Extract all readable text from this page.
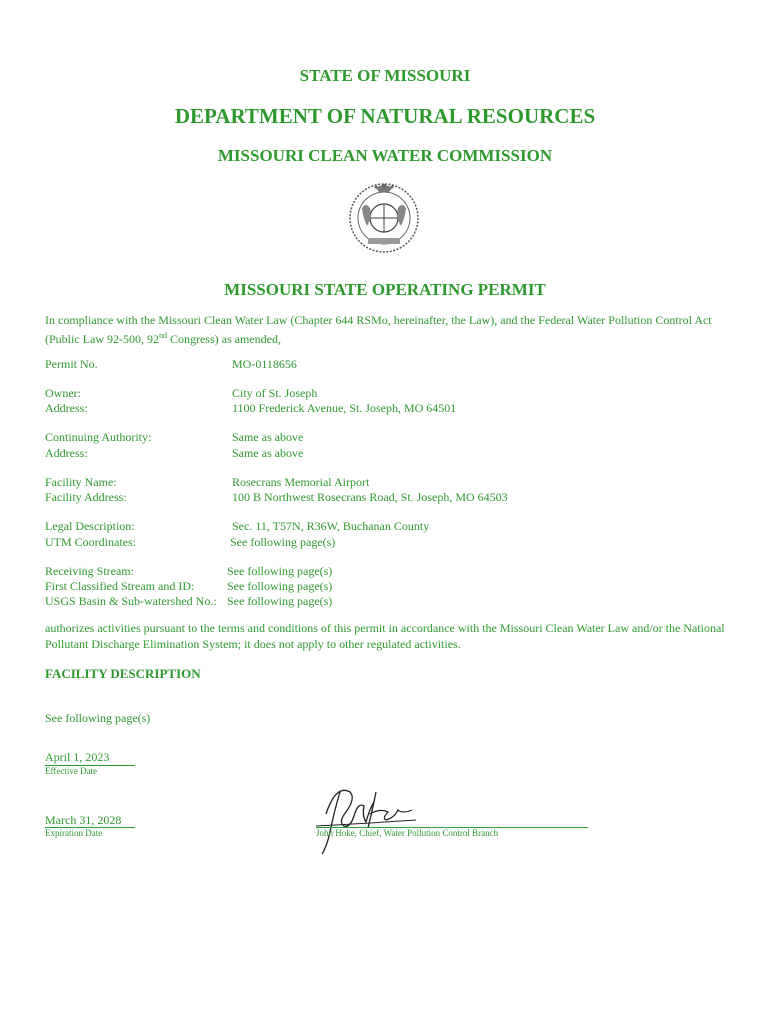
STATE OF MISSOURI
DEPARTMENT OF NATURAL RESOURCES
MISSOURI CLEAN WATER COMMISSION
MISSOURI STATE OPERATING PERMIT
In compliance with the Missouri Clean Water Law (Chapter 644 RSMo, hereinafter, the Law), and the Federal Water Pollution Control Act (Public Law 92-500, 92nd Congress) as amended,
Permit No.	MO-0118656
Owner:	City of St. Joseph
Address:	1100 Frederick Avenue, St. Joseph, MO 64501
Continuing Authority:	Same as above
Address:	Same as above
Facility Name:	Rosecrans Memorial Airport
Facility Address:	100 B Northwest Rosecrans Road, St. Joseph, MO 64503
Legal Description:	Sec. 11, T57N, R36W, Buchanan County
UTM Coordinates:	See following page(s)
Receiving Stream:	See following page(s)
First Classified Stream and ID:	See following page(s)
USGS Basin & Sub-watershed No.: See following page(s)
authorizes activities pursuant to the terms and conditions of this permit in accordance with the Missouri Clean Water Law and/or the National Pollutant Discharge Elimination System; it does not apply to other regulated activities.
FACILITY DESCRIPTION
See following page(s)
April 1, 2023
Effective Date
March 31, 2028
Expiration Date	John Hoke, Chief, Water Pollution Control Branch
